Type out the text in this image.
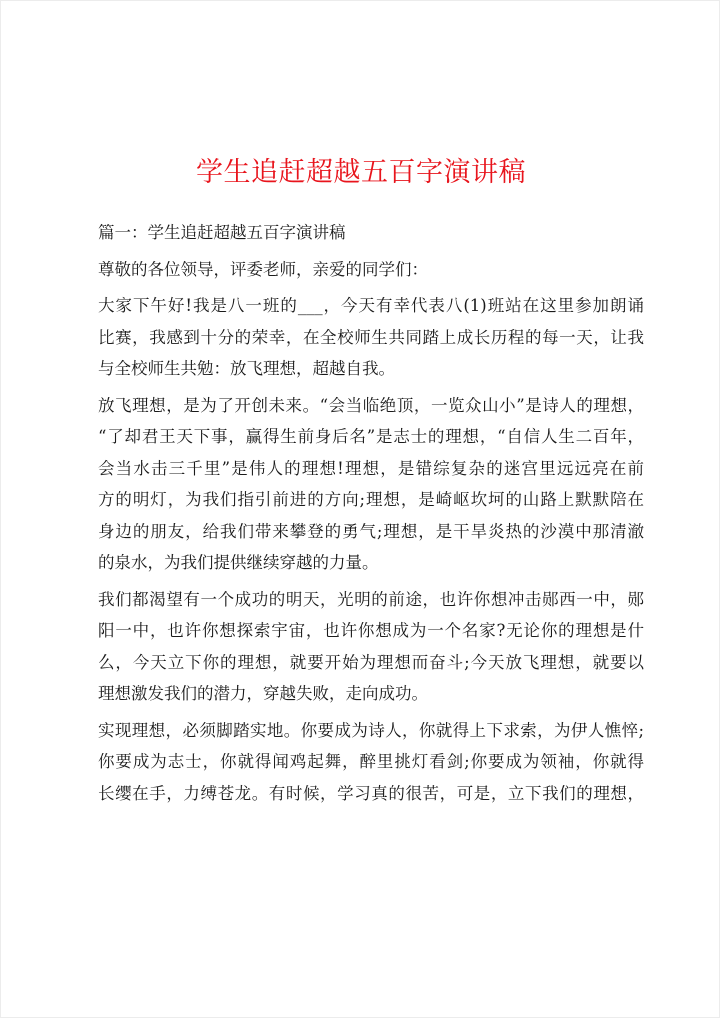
学生追赶超越五百字演讲稿
篇一：学生追赶超越五百字演讲稿
尊敬的各位领导，评委老师，亲爱的同学们：
大家下午好!我是八一班的___，今天有幸代表八(1)班站在这里参加朗诵
比赛，我感到十分的荣幸，在全校师生共同踏上成长历程的每一天，让我
与全校师生共勉：放飞理想，超越自我。
放飞理想，是为了开创未来。“会当临绝顶，一览众山小”是诗人的理想，
“了却君王天下事，赢得生前身后名”是志士的理想，“自信人生二百年，
会当水击三千里”是伟人的理想!理想，是错综复杂的迷宫里远远亮在前
方的明灯，为我们指引前进的方向;理想，是崎岖坎坷的山路上默默陪在
身边的朋友，给我们带来攀登的勇气;理想，是干旱炎热的沙漠中那清澈
的泉水，为我们提供继续穿越的力量。
我们都渴望有一个成功的明天，光明的前途，也许你想冲击郧西一中，郧
阳一中，也许你想探索宇宙，也许你想成为一个名家?无论你的理想是什
么，今天立下你的理想，就要开始为理想而奋斗;今天放飞理想，就要以
理想激发我们的潜力，穿越失败，走向成功。
实现理想，必须脚踏实地。你要成为诗人，你就得上下求索，为伊人憔悴;
你要成为志士，你就得闻鸡起舞，醉里挑灯看剑;你要成为领袖，你就得
长缨在手，力缚苍龙。有时候，学习真的很苦，可是，立下我们的理想，
